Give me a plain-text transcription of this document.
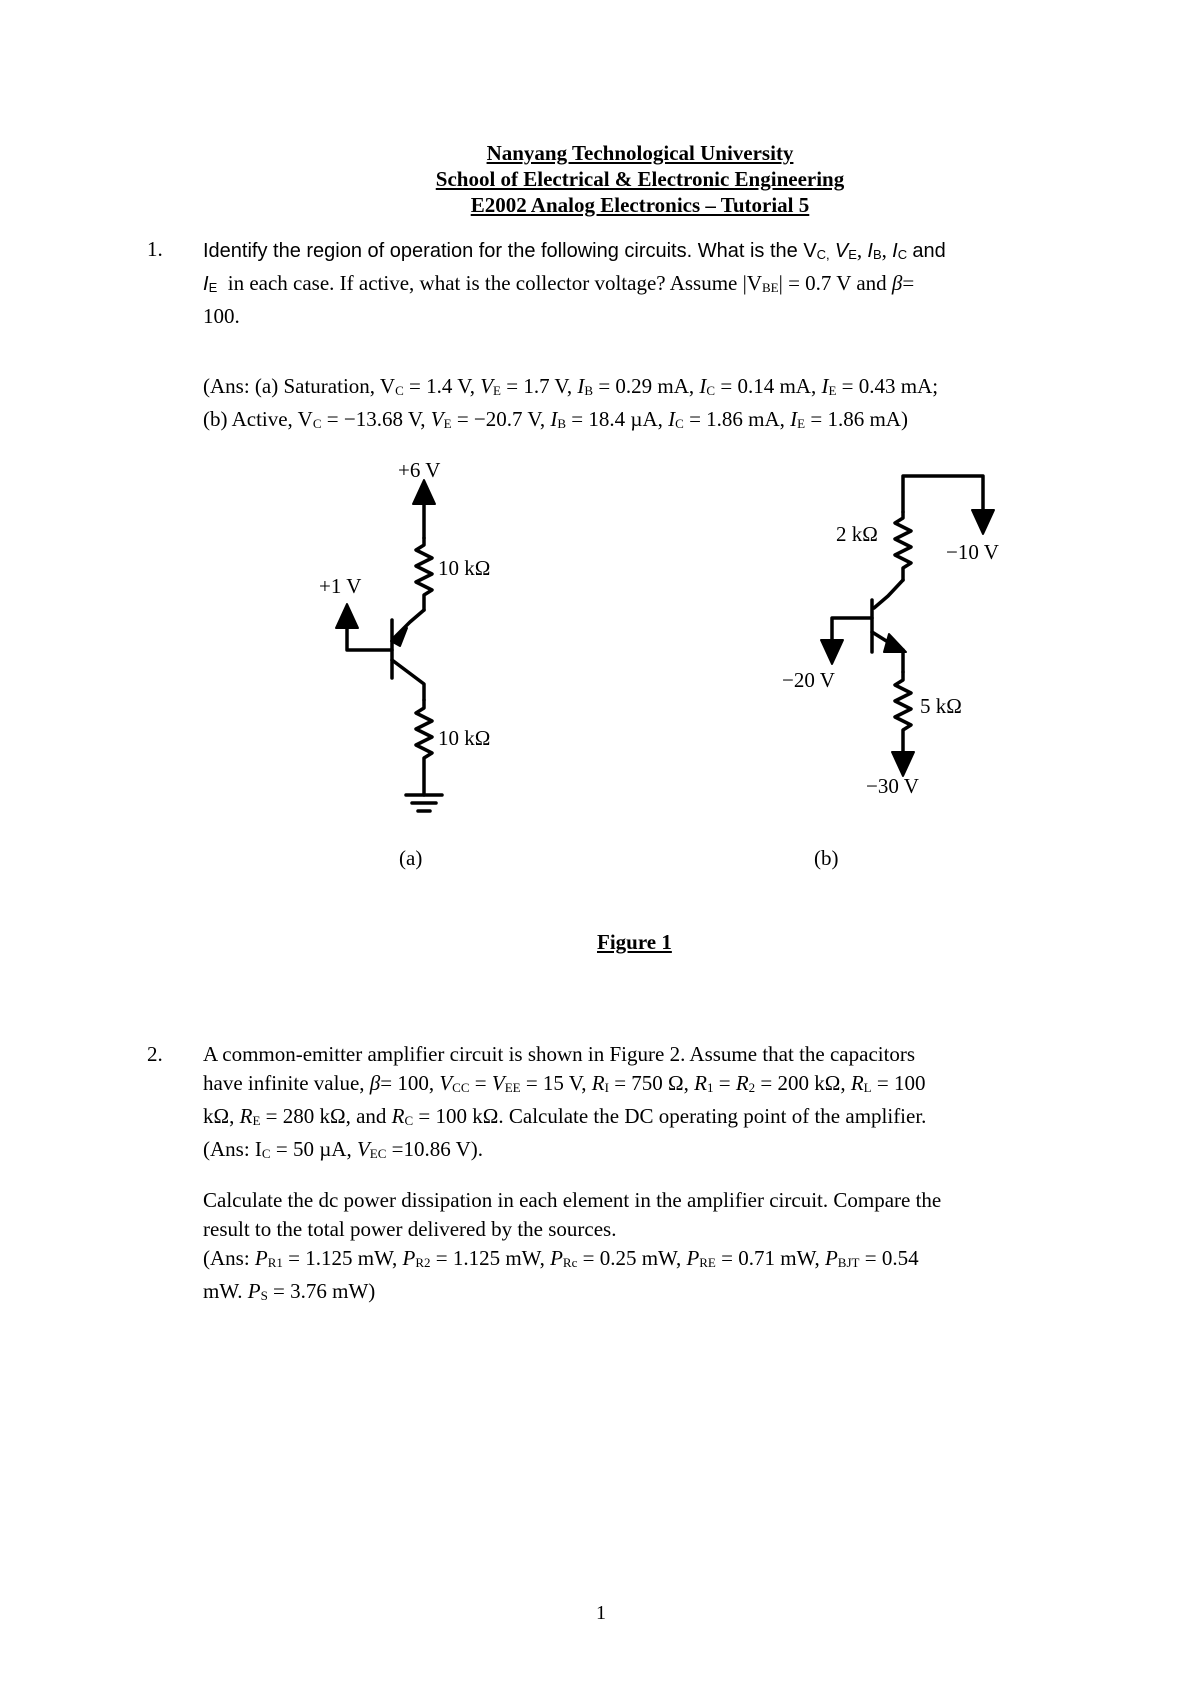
Nanyang Technological University
School of Electrical & Electronic Engineering
E2002 Analog Electronics – Tutorial 5
1. Identify the region of operation for the following circuits. What is the VC, VE, IB, IC and
IE in each case. If active, what is the collector voltage? Assume |VBE| = 0.7 V and β=
100.
(Ans: (a) Saturation, VC = 1.4 V, VE = 1.7 V, IB = 0.29 mA, IC = 0.14 mA, IE = 0.43 mA;
(b) Active, VC = −13.68 V, VE = −20.7 V, IB = 18.4 µA, IC = 1.86 mA, IE = 1.86 mA)
+6 V
10 kΩ
+1 V
10 kΩ
(a)
2 kΩ
−10 V
−20 V
5 kΩ
−30 V
(b)
Figure 1
2. A common-emitter amplifier circuit is shown in Figure 2. Assume that the capacitors
have infinite value, β= 100, VCC = VEE = 15 V, RI = 750 Ω, R1 = R2 = 200 kΩ, RL = 100
kΩ, RE = 280 kΩ, and RC = 100 kΩ. Calculate the DC operating point of the amplifier.
(Ans: IC = 50 µA, VEC =10.86 V).
Calculate the dc power dissipation in each element in the amplifier circuit. Compare the
result to the total power delivered by the sources.
(Ans: PR1 = 1.125 mW, PR2 = 1.125 mW, PRc = 0.25 mW, PRE = 0.71 mW, PBJT = 0.54
mW. PS = 3.76 mW)
1
